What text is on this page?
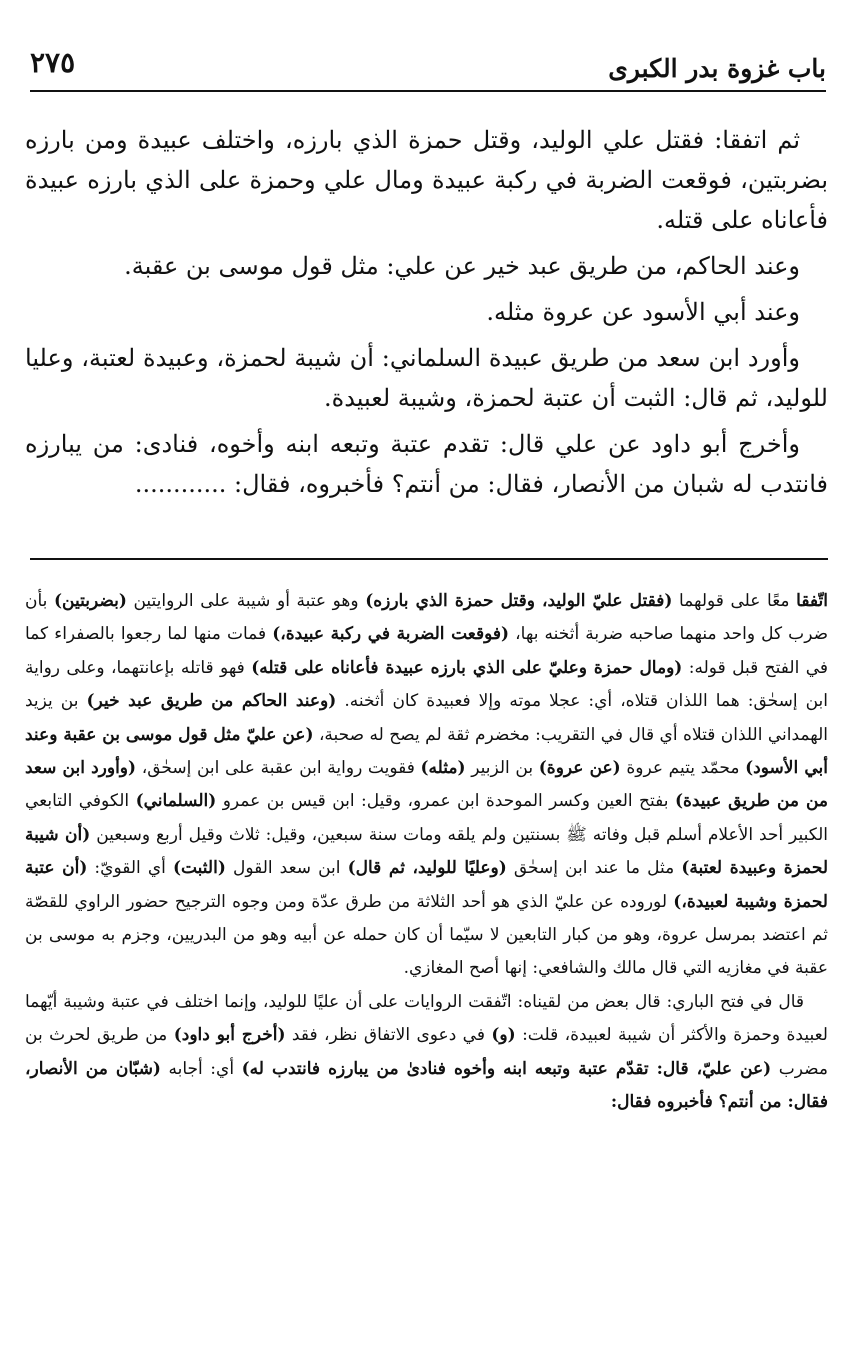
باب غزوة بدر الكبرى
٢٧٥

ثم اتفقا: فقتل علي الوليد، وقتل حمزة الذي بارزه، واختلف عبيدة ومن بارزه بضربتين، فوقعت الضربة في ركبة عبيدة ومال علي وحمزة على الذي بارزه عبيدة فأعاناه على قتله.

وعند الحاكم، من طريق عبد خير عن علي: مثل قول موسى بن عقبة.

وعند أبي الأسود عن عروة مثله.

وأورد ابن سعد من طريق عبيدة السلماني: أن شيبة لحمزة، وعبيدة لعتبة، وعليا للوليد، ثم قال: الثبت أن عتبة لحمزة، وشيبة لعبيدة.

وأخرج أبو داود عن علي قال: تقدم عتبة وتبعه ابنه وأخوه، فنادى: من يبارزه فانتدب له شبان من الأنصار، فقال: من أنتم؟ فأخبروه، فقال: ............

اتّفقا معًا على قولهما (فقتل عليّ الوليد، وقتل حمزة الذي بارزه) وهو عتبة أو شيبة على الروايتين (بضربتين) بأن ضرب كل واحد منهما صاحبه ضربة أثخنه بها، (فوقعت الضربة في ركبة عبيدة،) فمات منها لما رجعوا بالصفراء كما في الفتح قبل قوله: (ومال حمزة وعليّ على الذي بارزه عبيدة فأعاناه على قتله) فهو قاتله بإعانتهما، وعلى رواية ابن إسحٰق: هما اللذان قتلاه، أي: عجلا موته وإلا فعبيدة كان أثخنه. (وعند الحاكم من طريق عبد خير) بن يزيد الهمداني اللذان قتلاه أي قال في التقريب: مخضرم ثقة لم يصح له صحبة، (عن عليّ مثل قول موسى بن عقبة وعند أبي الأسود) محمّد يتيم عروة (عن عروة) بن الزبير (مثله) فقويت رواية ابن عقبة على ابن إسحٰق، (وأورد ابن سعد من من طريق عبيدة) بفتح العين وكسر الموحدة ابن عمرو، وقيل: ابن قيس بن عمرو (السلماني) الكوفي التابعي الكبير أحد الأعلام أسلم قبل وفاته ﷺ بسنتين ولم يلقه ومات سنة سبعين، وقيل: ثلاث وقيل أربع وسبعين (أن شيبة لحمزة وعبيدة لعتبة) مثل ما عند ابن إسحٰق (وعليًا للوليد، ثم قال) ابن سعد القول (الثبت) أي القويّ: (أن عتبة لحمزة وشيبة لعبيدة،) لوروده عن عليّ الذي هو أحد الثلاثة من طرق عدّة ومن وجوه الترجيح حضور الراوي للقصّة ثم اعتضد بمرسل عروة، وهو من كبار التابعين لا سيّما أن كان حمله عن أبيه وهو من البدريين، وجزم به موسى بن عقبة في مغازيه التي قال مالك والشافعي: إنها أصح المغازي.

قال في فتح الباري: قال بعض من لقيناه: اتّفقت الروايات على أن عليًا للوليد، وإنما اختلف في عتبة وشيبة أيّهما لعبيدة وحمزة والأكثر أن شيبة لعبيدة، قلت: (و) في دعوى الاتفاق نظر، فقد (أخرج أبو داود) من طريق لحرث بن مضرب (عن عليّ، قال: تقدّم عتبة وتبعه ابنه وأخوه فنادىٰ من يبارزه فانتدب له) أي: أجابه (شبّان من الأنصار، فقال: من أنتم؟ فأخبروه فقال:
